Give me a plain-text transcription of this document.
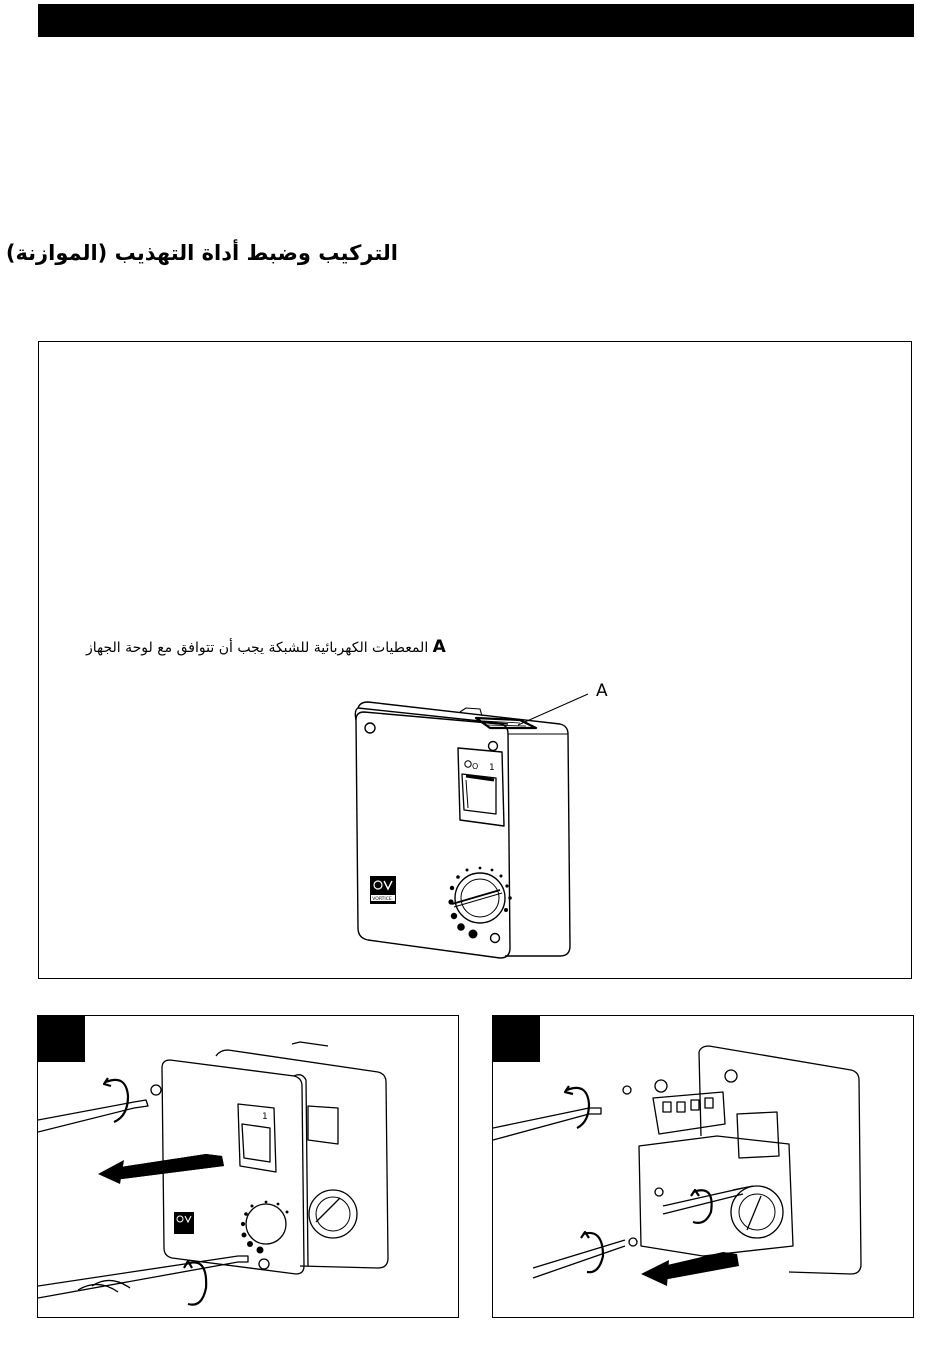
التركيب وضبط أداة التهذيب (الموازنة)
A المعطيات الكهربائية للشبكة يجب أن تتوافق مع لوحة الجهاز
O 1
VORTICE
A
1
